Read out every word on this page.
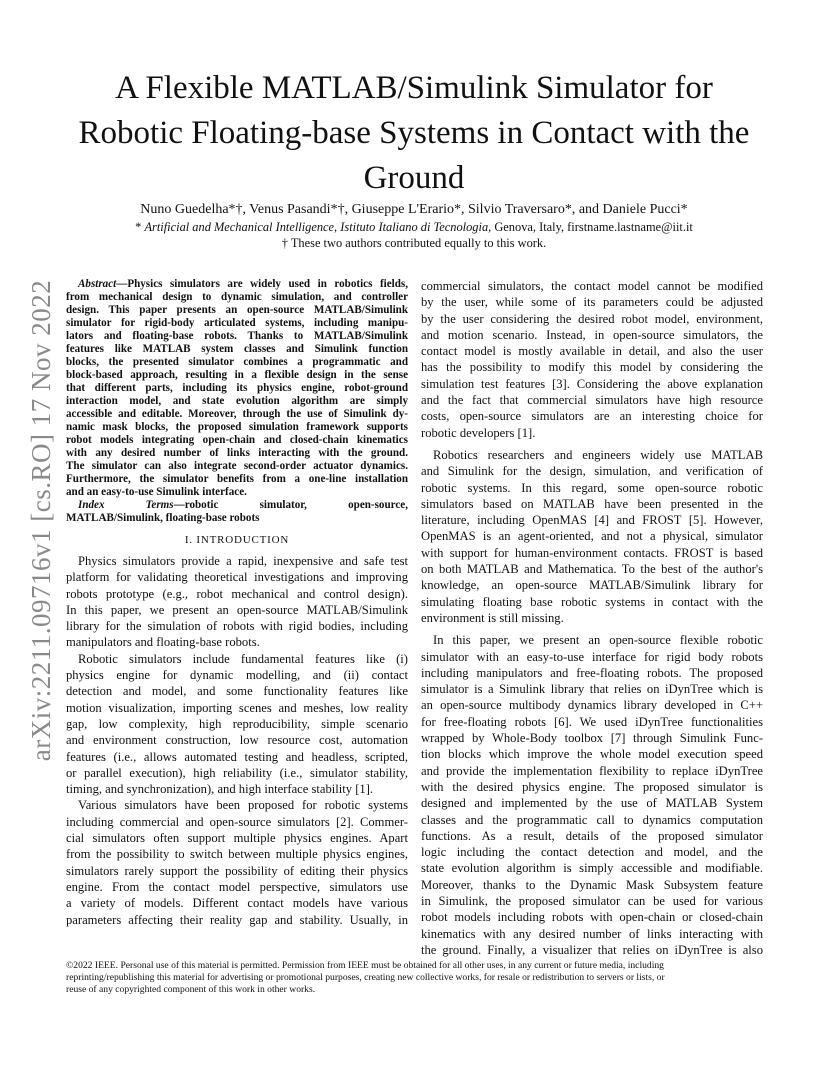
arXiv:2211.09716v1 [cs.RO] 17 Nov 2022
A Flexible MATLAB/Simulink Simulator for
Robotic Floating-base Systems in Contact with the
Ground
Nuno Guedelha*†, Venus Pasandi*†, Giuseppe L'Erario*, Silvio Traversaro*, and Daniele Pucci*
* Artificial and Mechanical Intelligence, Istituto Italiano di Tecnologia, Genova, Italy, firstname.lastname@iit.it
† These two authors contributed equally to this work.
Abstract—Physics simulators are widely used in robotics fields,
from mechanical design to dynamic simulation, and controller
design. This paper presents an open-source MATLAB/Simulink
simulator for rigid-body articulated systems, including manipu-
lators and floating-base robots. Thanks to MATLAB/Simulink
features like MATLAB system classes and Simulink function
blocks, the presented simulator combines a programmatic and
block-based approach, resulting in a flexible design in the sense
that different parts, including its physics engine, robot-ground
interaction model, and state evolution algorithm are simply
accessible and editable. Moreover, through the use of Simulink dy-
namic mask blocks, the proposed simulation framework supports
robot models integrating open-chain and closed-chain kinematics
with any desired number of links interacting with the ground.
The simulator can also integrate second-order actuator dynamics.
Furthermore, the simulator benefits from a one-line installation
and an easy-to-use Simulink interface.
Index Terms—robotic simulator, open-source,
MATLAB/Simulink, floating-base robots
I. INTRODUCTION
Physics simulators provide a rapid, inexpensive and safe test
platform for validating theoretical investigations and improving
robots prototype (e.g., robot mechanical and control design).
In this paper, we present an open-source MATLAB/Simulink
library for the simulation of robots with rigid bodies, including
manipulators and floating-base robots.
Robotic simulators include fundamental features like (i)
physics engine for dynamic modelling, and (ii) contact
detection and model, and some functionality features like
motion visualization, importing scenes and meshes, low reality
gap, low complexity, high reproducibility, simple scenario
and environment construction, low resource cost, automation
features (i.e., allows automated testing and headless, scripted,
or parallel execution), high reliability (i.e., simulator stability,
timing, and synchronization), and high interface stability [1].
Various simulators have been proposed for robotic systems
including commercial and open-source simulators [2]. Commer-
cial simulators often support multiple physics engines. Apart
from the possibility to switch between multiple physics engines,
simulators rarely support the possibility of editing their physics
engine. From the contact model perspective, simulators use
a variety of models. Different contact models have various
parameters affecting their reality gap and stability. Usually, in
commercial simulators, the contact model cannot be modified
by the user, while some of its parameters could be adjusted
by the user considering the desired robot model, environment,
and motion scenario. Instead, in open-source simulators, the
contact model is mostly available in detail, and also the user
has the possibility to modify this model by considering the
simulation test features [3]. Considering the above explanation
and the fact that commercial simulators have high resource
costs, open-source simulators are an interesting choice for
robotic developers [1].
Robotics researchers and engineers widely use MATLAB
and Simulink for the design, simulation, and verification of
robotic systems. In this regard, some open-source robotic
simulators based on MATLAB have been presented in the
literature, including OpenMAS [4] and FROST [5]. However,
OpenMAS is an agent-oriented, and not a physical, simulator
with support for human-environment contacts. FROST is based
on both MATLAB and Mathematica. To the best of the author's
knowledge, an open-source MATLAB/Simulink library for
simulating floating base robotic systems in contact with the
environment is still missing.
In this paper, we present an open-source flexible robotic
simulator with an easy-to-use interface for rigid body robots
including manipulators and free-floating robots. The proposed
simulator is a Simulink library that relies on iDynTree which is
an open-source multibody dynamics library developed in C++
for free-floating robots [6]. We used iDynTree functionalities
wrapped by Whole-Body toolbox [7] through Simulink Func-
tion blocks which improve the whole model execution speed
and provide the implementation flexibility to replace iDynTree
with the desired physics engine. The proposed simulator is
designed and implemented by the use of MATLAB System
classes and the programmatic call to dynamics computation
functions. As a result, details of the proposed simulator
logic including the contact detection and model, and the
state evolution algorithm is simply accessible and modifiable.
Moreover, thanks to the Dynamic Mask Subsystem feature
in Simulink, the proposed simulator can be used for various
robot models including robots with open-chain or closed-chain
kinematics with any desired number of links interacting with
the ground. Finally, a visualizer that relies on iDynTree is also
©2022 IEEE. Personal use of this material is permitted. Permission from IEEE must be obtained for all other uses, in any current or future media, including
reprinting/republishing this material for advertising or promotional purposes, creating new collective works, for resale or redistribution to servers or lists, or
reuse of any copyrighted component of this work in other works.
